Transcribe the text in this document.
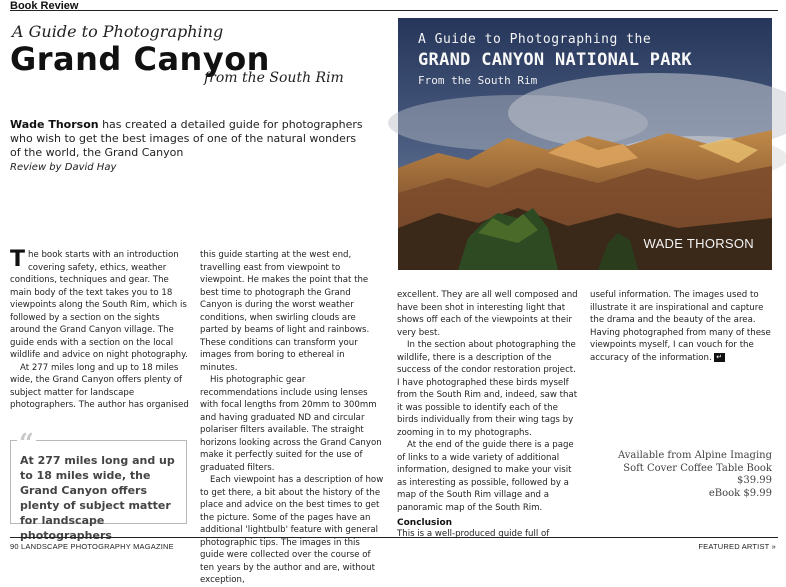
Book Review
A Guide to Photographing
Grand Canyon
from the South Rim
Wade Thorson has created a detailed guide for photographers who wish to get the best images of one of the natural wonders of the world, the Grand Canyon
Review by David Hay
A Guide to Photographing the
GRAND CANYON NATIONAL PARK
From the South Rim
WADE THORSON

The book starts with an introduction covering safety, ethics, weather conditions, techniques and gear. The main body of the text takes you to 18 viewpoints along the South Rim, which is followed by a section on the sights around the Grand Canyon village. The guide ends with a section on the local wildlife and advice on night photography.

At 277 miles long and up to 18 miles wide, the Grand Canyon offers plenty of subject matter for landscape photographers. The author has organised

this guide starting at the west end, travelling east from viewpoint to viewpoint. He makes the point that the best time to photograph the Grand Canyon is during the worst weather conditions, when swirling clouds are parted by beams of light and rainbows. These conditions can transform your images from boring to ethereal in minutes.

His photographic gear recommendations include using lenses with focal lengths from 20mm to 300mm and having graduated ND and circular polariser filters available. The straight horizons looking across the Grand Canyon make it perfectly suited for the use of graduated filters.

Each viewpoint has a description of how to get there, a bit about the history of the place and advice on the best times to get the picture. Some of the pages have an additional 'lightbulb' feature with general photographic tips. The images in this guide were collected over the course of ten years by the author and are, without exception,

excellent. They are all well composed and have been shot in interesting light that shows off each of the viewpoints at their very best.

In the section about photographing the wildlife, there is a description of the success of the condor restoration project. I have photographed these birds myself from the South Rim and, indeed, saw that it was possible to identify each of the birds individually from their wing tags by zooming in to my photographs.

At the end of the guide there is a page of links to a wide variety of additional information, designed to make your visit as interesting as possible, followed by a map of the South Rim village and a panoramic map of the South Rim.

Conclusion
This is a well-produced guide full of

useful information. The images used to illustrate it are inspirational and capture the drama and the beauty of the area. Having photographed from many of these viewpoints myself, I can vouch for the accuracy of the information. ↵

“
At 277 miles long and up to 18 miles wide, the Grand Canyon offers plenty of subject matter for landscape photographers
Available from Alpine Imaging
Soft Cover Coffee Table Book
$39.99
eBook $9.99
90 LANDSCAPE PHOTOGRAPHY MAGAZINE	FEATURED ARTIST »
